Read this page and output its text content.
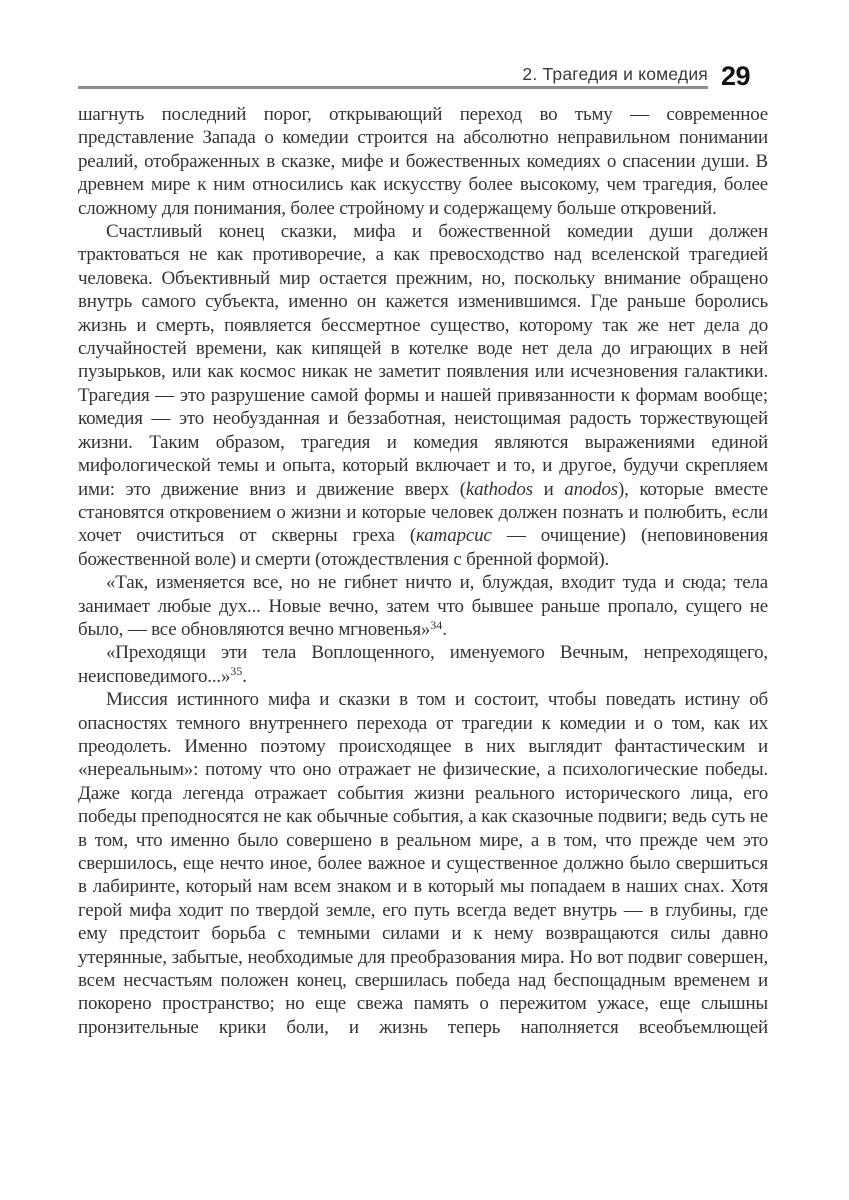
2. Трагедия и комедия 29

шагнуть последний порог, открывающий переход во тьму — современное представление Запада о комедии строится на абсолютно неправильном понимании реалий, отображенных в сказке, мифе и божественных комедиях о спасении души. В древнем мире к ним относились как искусству более высокому, чем трагедия, более сложному для понимания, более стройному и содержащему больше откровений.

Счастливый конец сказки, мифа и божественной комедии души должен трактоваться не как противоречие, а как превосходство над вселенской трагедией человека. Объективный мир остается прежним, но, поскольку внимание обращено внутрь самого субъекта, именно он кажется изменившимся. Где раньше боролись жизнь и смерть, появляется бессмертное существо, которому так же нет дела до случайностей времени, как кипящей в котелке воде нет дела до играющих в ней пузырьков, или как космос никак не заметит появления или исчезновения галактики. Трагедия — это разрушение самой формы и нашей привязанности к формам вообще; комедия — это необузданная и беззаботная, неистощимая радость торжествующей жизни. Таким образом, трагедия и комедия являются выражениями единой мифологической темы и опыта, который включает и то, и другое, будучи скрепляем ими: это движение вниз и движение вверх (kathodos и anodos), которые вместе становятся откровением о жизни и которые человек должен познать и полюбить, если хочет очиститься от скверны греха (катарсис — очищение) (неповиновения божественной воле) и смерти (отождествления с бренной формой).

«Так, изменяется все, но не гибнет ничто и, блуждая, входит туда и сюда; тела занимает любые дух... Новые вечно, затем что бывшее раньше пропало, сущего не было, — все обновляются вечно мгновенья»$^{34}$.

«Преходящи эти тела Воплощенного, именуемого Вечным, непреходящего, неисповедимого...»$^{35}$.

Миссия истинного мифа и сказки в том и состоит, чтобы поведать истину об опасностях темного внутреннего перехода от трагедии к комедии и о том, как их преодолеть. Именно поэтому происходящее в них выглядит фантастическим и «нереальным»: потому что оно отражает не физические, а психологические победы. Даже когда легенда отражает события жизни реального исторического лица, его победы преподносятся не как обычные события, а как сказочные подвиги; ведь суть не в том, что именно было совершено в реальном мире, а в том, что прежде чем это свершилось, еще нечто иное, более важное и существенное должно было свершиться в лабиринте, который нам всем знаком и в который мы попадаем в наших снах. Хотя герой мифа ходит по твердой земле, его путь всегда ведет внутрь — в глубины, где ему предстоит борьба с темными силами и к нему возвращаются силы давно утерянные, забытые, необходимые для преобразования мира. Но вот подвиг совершен, всем несчастьям положен конец, свершилась победа над беспощадным временем и покорено пространство; но еще свежа память о пережитом ужасе, еще слышны пронзительные крики боли, и жизнь теперь наполняется всеобъемлющей
